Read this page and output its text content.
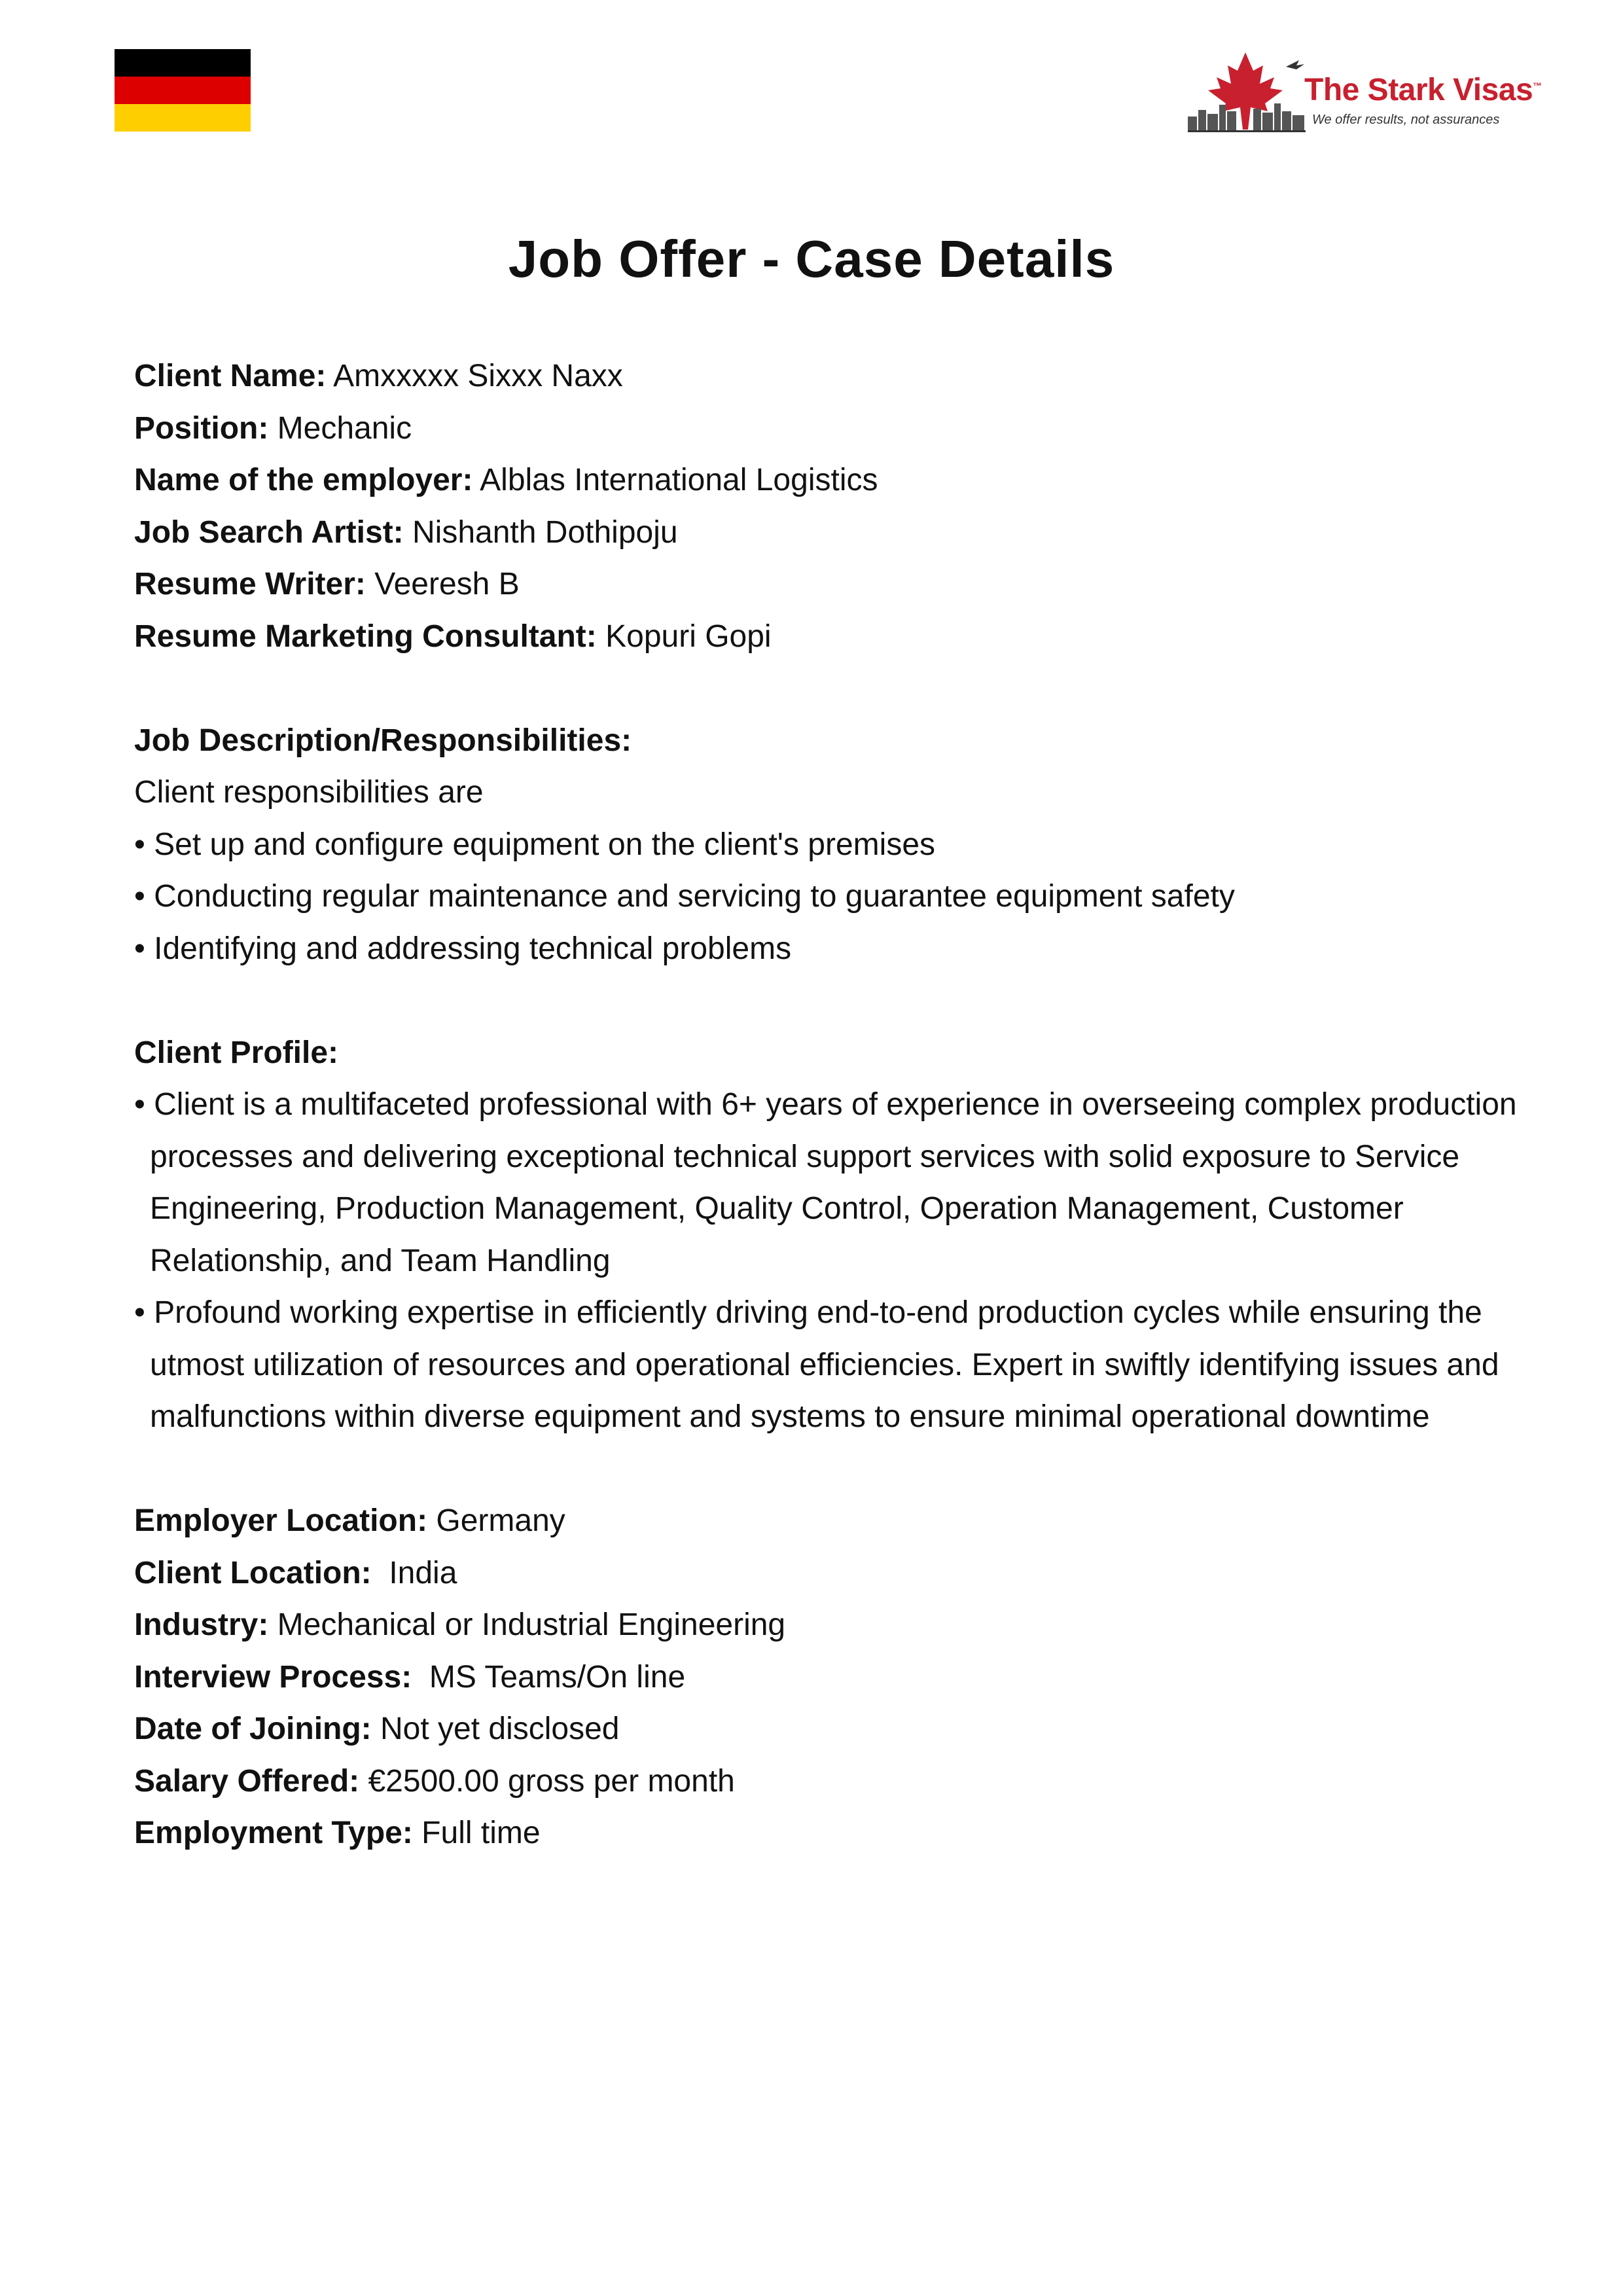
The Stark Visas™
We offer results, not assurances
Job Offer - Case Details
Client Name: Amxxxxx Sixxx Naxx
Position: Mechanic
Name of the employer: Alblas International Logistics
Job Search Artist: Nishanth Dothipoju
Resume Writer: Veeresh B
Resume Marketing Consultant: Kopuri Gopi
Job Description/Responsibilities:
Client responsibilities are
• Set up and configure equipment on the client's premises
• Conducting regular maintenance and servicing to guarantee equipment safety
• Identifying and addressing technical problems
Client Profile:
• Client is a multifaceted professional with 6+ years of experience in overseeing complex production processes and delivering exceptional technical support services with solid exposure to Service Engineering, Production Management, Quality Control, Operation Management, Customer Relationship, and Team Handling
• Profound working expertise in efficiently driving end-to-end production cycles while ensuring the utmost utilization of resources and operational efficiencies. Expert in swiftly identifying issues and malfunctions within diverse equipment and systems to ensure minimal operational downtime
Employer Location: Germany
Client Location:  India
Industry: Mechanical or Industrial Engineering
Interview Process:  MS Teams/On line
Date of Joining: Not yet disclosed
Salary Offered: €2500.00 gross per month
Employment Type: Full time
